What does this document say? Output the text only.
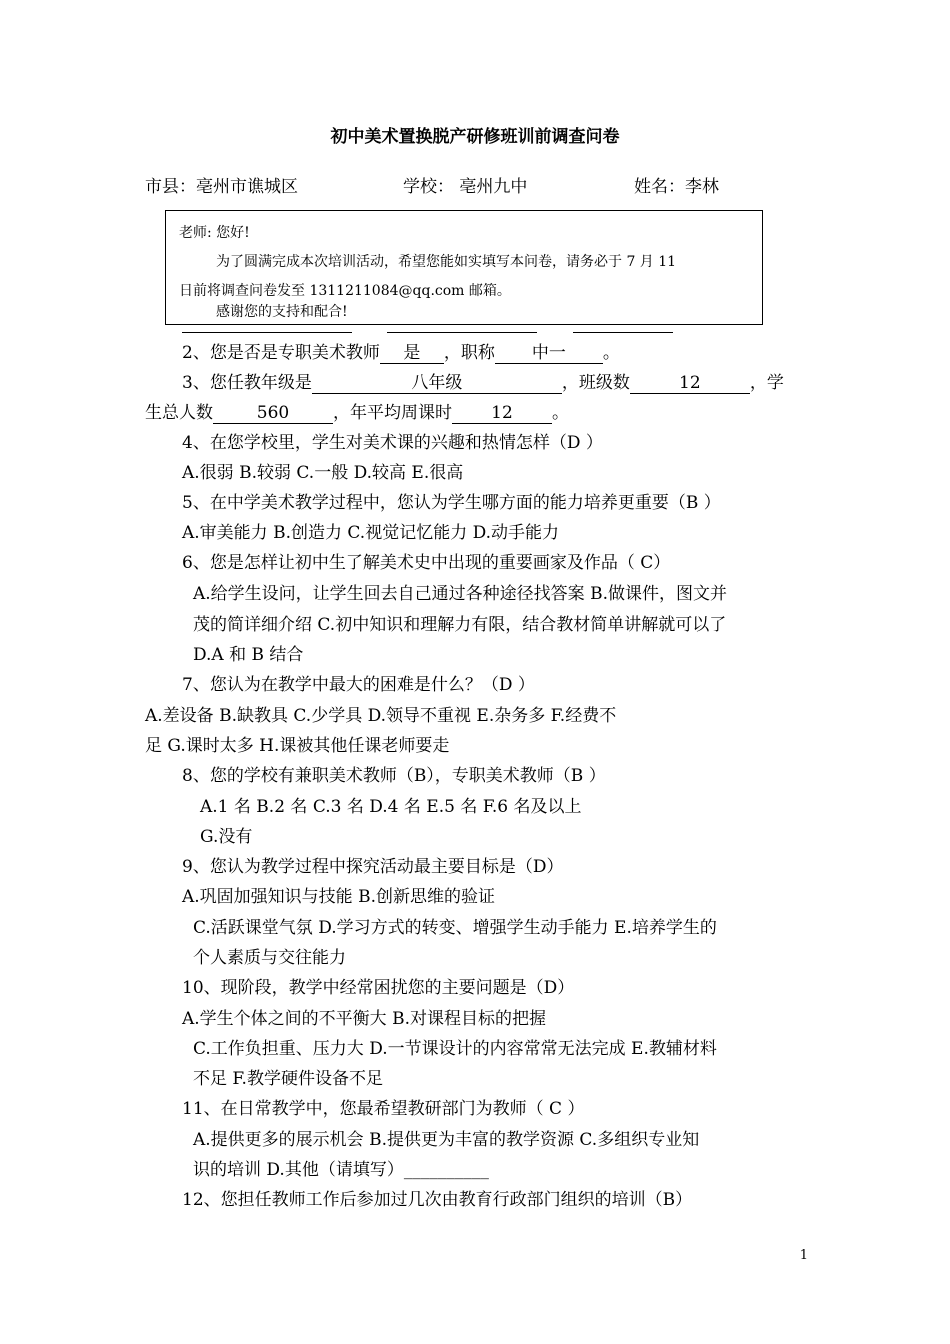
初中美术置换脱产研修班训前调查问卷
市县：亳州市谯城区	学校： 亳州九中	姓名：李林

老师: 您好!
为了圆满完成本次培训活动，希望您能如实填写本问卷，请务必于 7 月 11
日前将调查问卷发至 1311211084@qq.com 邮箱。
感谢您的支持和配合!
2、您是否是专职美术教师 是 ，职称 中一 。
3、您任教年级是	八年级	，班级数	12	，学
生总人数	560	，年平均周课时 12 。
4、在您学校里，学生对美术课的兴趣和热情怎样（D ）
A.很弱 B.较弱 C.一般 D.较高 E.很高
5、在中学美术教学过程中，您认为学生哪方面的能力培养更重要（B ）
A.审美能力 B.创造力 C.视觉记忆能力 D.动手能力
6、您是怎样让初中生了解美术史中出现的重要画家及作品（ C）
A.给学生设问，让学生回去自己通过各种途径找答案 B.做课件，图文并
茂的简详细介绍 C.初中知识和理解力有限，结合教材简单讲解就可以了
D.A 和 B 结合
7、您认为在教学中最大的困难是什么？（D ）
A.差设备 B.缺教具 C.少学具 D.领导不重视 E.杂务多 F.经费不
足 G.课时太多 H.课被其他任课老师要走
8、您的学校有兼职美术教师（B），专职美术教师（B ）
A.1 名 B.2 名 C.3 名 D.4 名 E.5 名 F.6 名及以上
G.没有
9、您认为教学过程中探究活动最主要目标是（D）
A.巩固加强知识与技能 B.创新思维的验证
C.活跃课堂气氛 D.学习方式的转变、增强学生动手能力 E.培养学生的
个人素质与交往能力
10、现阶段，教学中经常困扰您的主要问题是（D）
A.学生个体之间的不平衡大 B.对课程目标的把握
C.工作负担重、压力大 D.一节课设计的内容常常无法完成 E.教辅材料
不足 F.教学硬件设备不足
11、在日常教学中，您最希望教研部门为教师（ C ）
A.提供更多的展示机会 B.提供更为丰富的教学资源 C.多组织专业知
识的培训 D.其他（请填写）__________
12、您担任教师工作后参加过几次由教育行政部门组织的培训（B）
1
